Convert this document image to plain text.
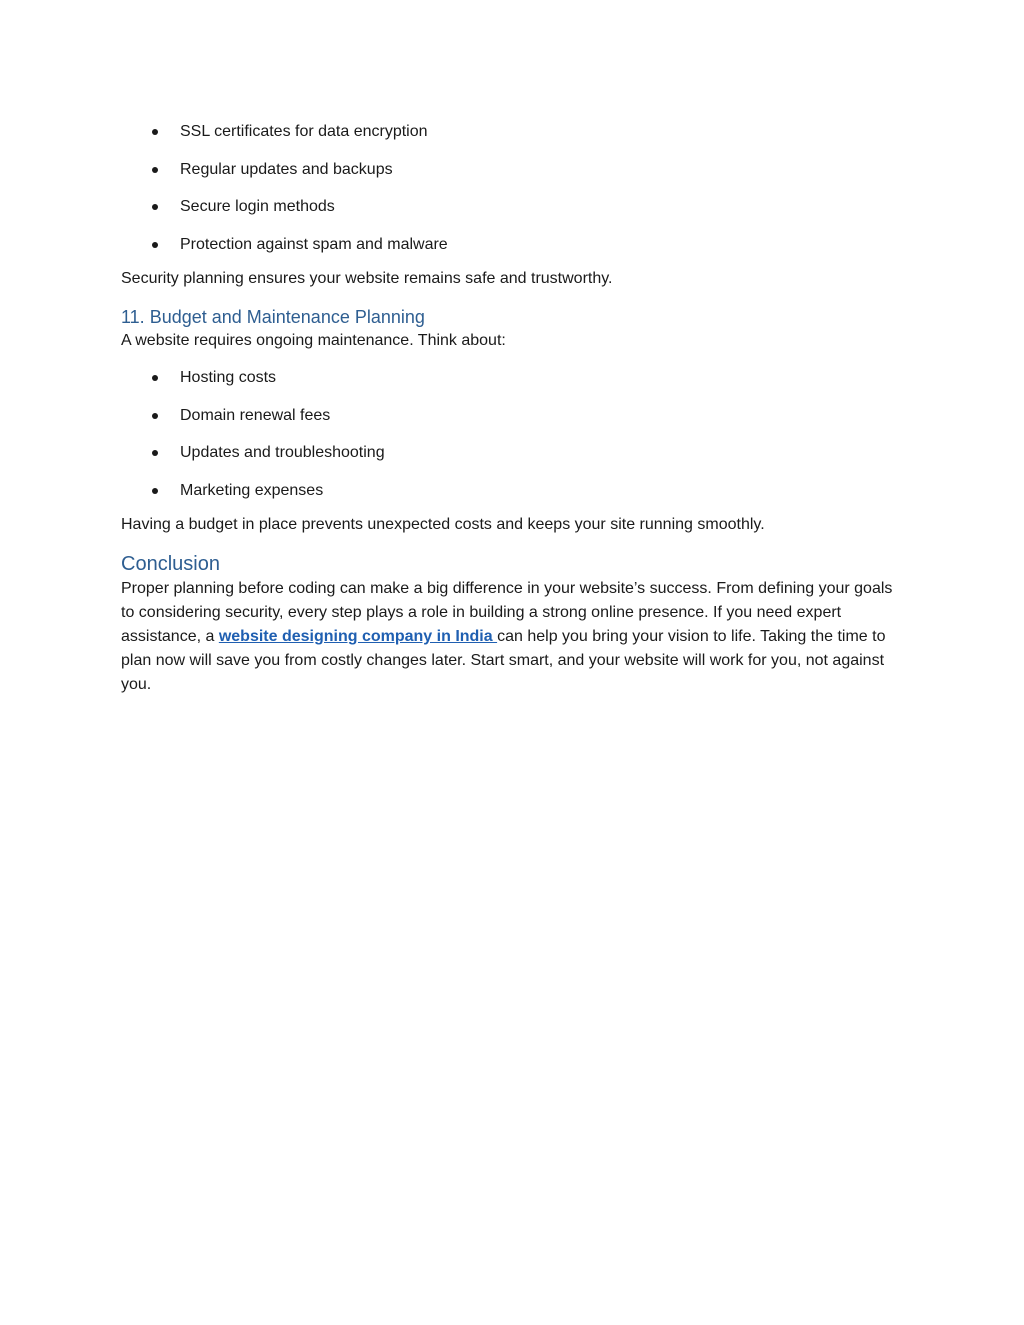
SSL certificates for data encryption
Regular updates and backups
Secure login methods
Protection against spam and malware

Security planning ensures your website remains safe and trustworthy.

11. Budget and Maintenance Planning

A website requires ongoing maintenance. Think about:

Hosting costs
Domain renewal fees
Updates and troubleshooting
Marketing expenses

Having a budget in place prevents unexpected costs and keeps your site running smoothly.

Conclusion

Proper planning before coding can make a big difference in your website’s success. From defining your goals to considering security, every step plays a role in building a strong online presence. If you need expert assistance, a website designing company in India can help you bring your vision to life. Taking the time to plan now will save you from costly changes later. Start smart, and your website will work for you, not against you.
